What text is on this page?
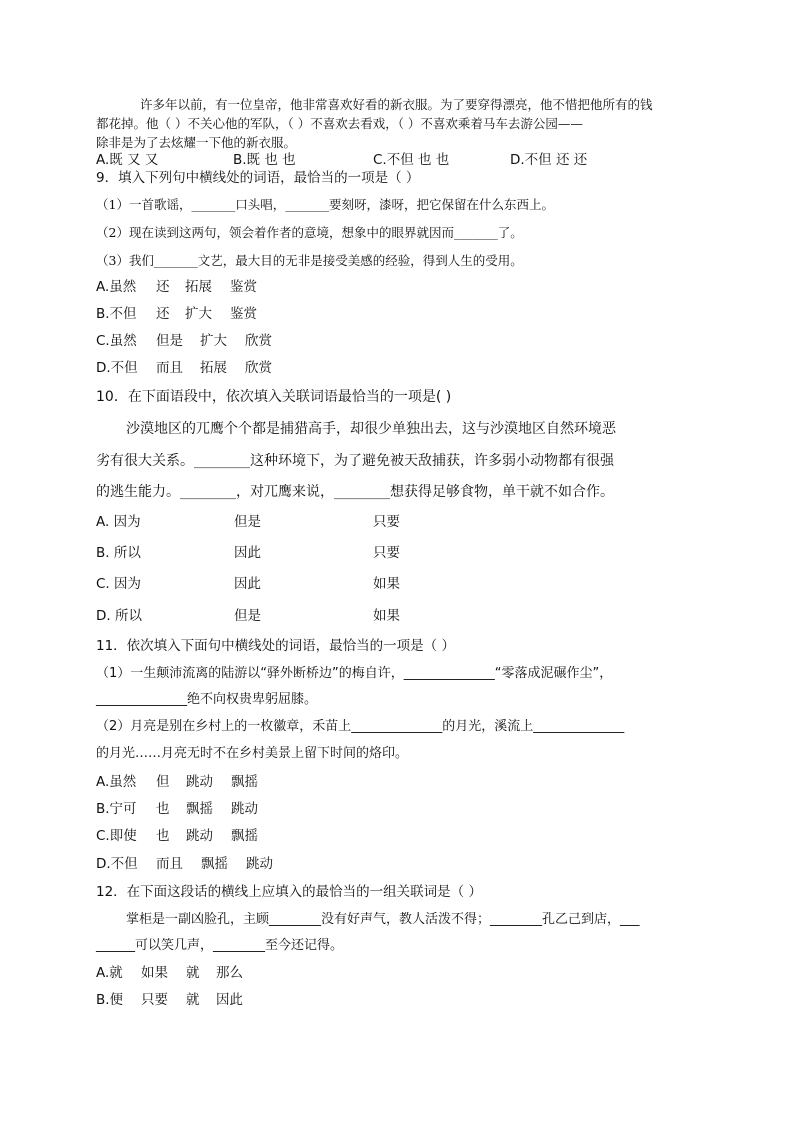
许多年以前，有一位皇帝，他非常喜欢好看的新衣服。为了要穿得漂亮，他不惜把他所有的钱
都花掉。他（ ）不关心他的军队，（ ）不喜欢去看戏，（ ）不喜欢乘着马车去游公园——
除非是为了去炫耀一下他的新衣服。
A.既 又 又	B.既 也 也	C.不但 也 也	D.不但 还 还
9．填入下列句中横线处的词语，最恰当的一项是（ ）
（1）一首歌谣，_______口头唱，_______要刻呀，漆呀，把它保留在什么东西上。
（2）现在读到这两句，领会着作者的意境，想象中的眼界就因而_______了。
（3）我们_______文艺，最大目的无非是接受美感的经验，得到人生的受用。
A.虽然 还 拓展 鉴赏
B.不但 还 扩大 鉴赏
C.虽然 但是 扩大 欣赏
D.不但 而且 拓展 欣赏
10．在下面语段中，依次填入关联词语最恰当的一项是( )
沙漠地区的兀鹰个个都是捕猎高手，却很少单独出去，这与沙漠地区自然环境恶
劣有很大关系。________这种环境下，为了避免被天敌捕获，许多弱小动物都有很强
的逃生能力。________，对兀鹰来说，________想获得足够食物，单干就不如合作。
A. 因为	但是	只要
B. 所以	因此	只要
C. 因为	因此	如果
D. 所以	但是	如果
11．依次填入下面句中横线处的词语，最恰当的一项是（ ）
（1）一生颠沛流离的陆游以“驿外断桥边”的梅自许，______________“零落成泥碾作尘”，
______________绝不向权贵卑躬屈膝。
（2）月亮是别在乡村上的一枚徽章，禾苗上______________的月光，溪流上______________
的月光……月亮无时不在乡村美景上留下时间的烙印。
A.虽然 但 跳动 飘摇
B.宁可 也 飘摇 跳动
C.即使 也 跳动 飘摇
D.不但 而且 飘摇 跳动
12．在下面这段话的横线上应填入的最恰当的一组关联词是（ ）
掌柜是一副凶脸孔，主顾________没有好声气，教人活泼不得；________孔乙己到店，___
______可以笑几声，________至今还记得。
A.就 如果 就 那么
B.便 只要 就 因此
